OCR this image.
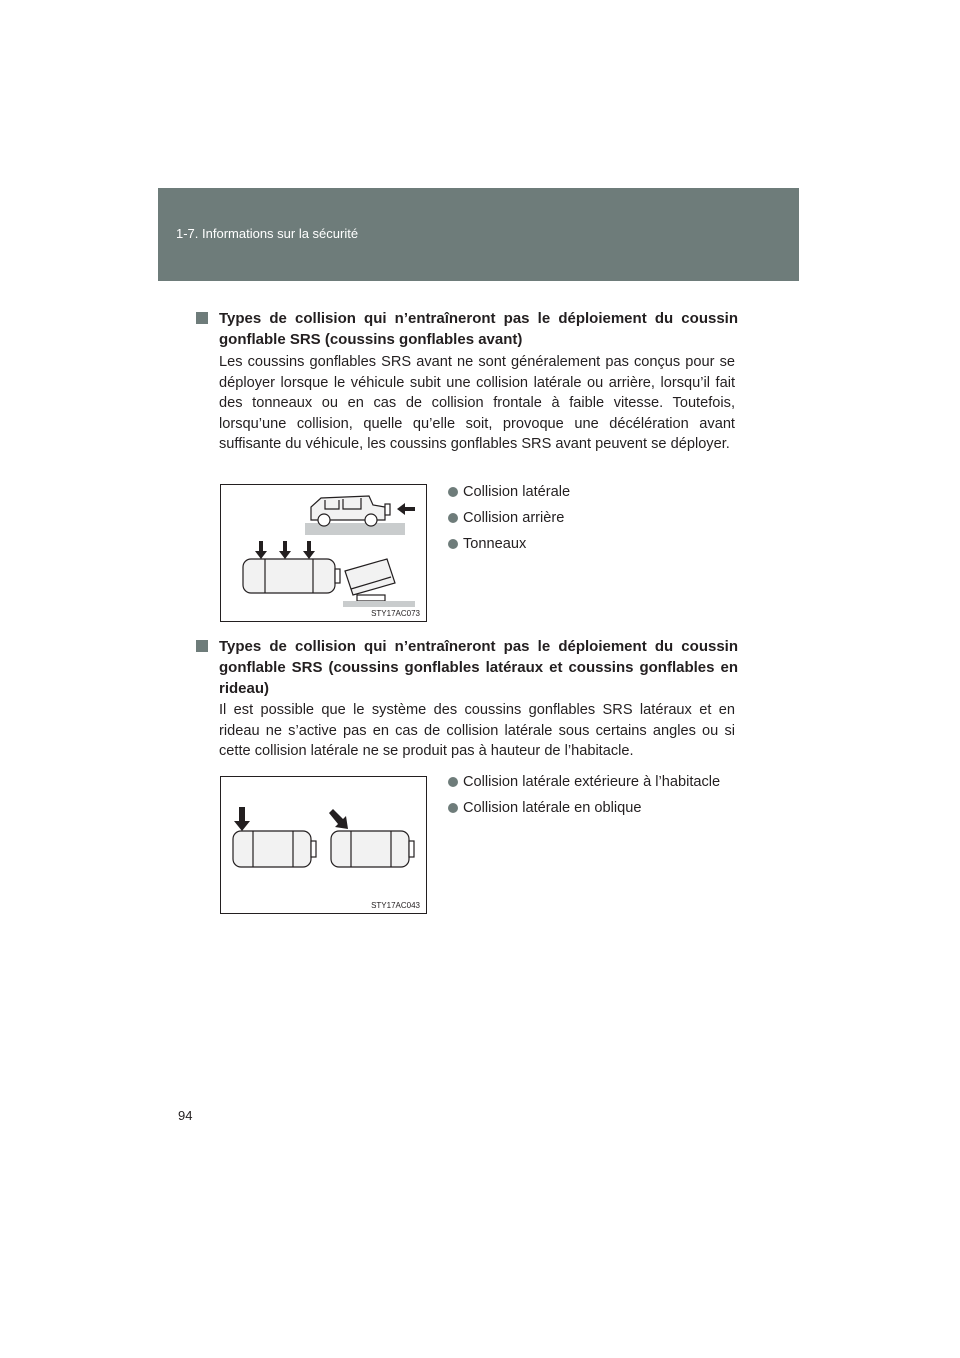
1-7. Informations sur la sécurité
Types de collision qui n’entraîneront pas le déploiement du coussin gonflable SRS (coussins gonflables avant)

Les coussins gonflables SRS avant ne sont généralement pas conçus pour se déployer lorsque le véhicule subit une collision latérale ou arrière, lorsqu’il fait des tonneaux ou en cas de collision frontale à faible vitesse. Toutefois, lorsqu’une collision, quelle qu’elle soit, provoque une décélération avant suffisante du véhicule, les coussins gonflables SRS avant peuvent se déployer.

STY17AC073
Collision latérale
Collision arrière
Tonneaux
Types de collision qui n’entraîneront pas le déploiement du coussin gonflable SRS (coussins gonflables latéraux et coussins gonflables en rideau)

Il est possible que le système des coussins gonflables SRS latéraux et en rideau ne s’active pas en cas de collision latérale sous certains angles ou si cette collision latérale ne se produit pas à hauteur de l’habitacle.

STY17AC043
Collision latérale extérieure à l’habitacle
Collision latérale en oblique
94
